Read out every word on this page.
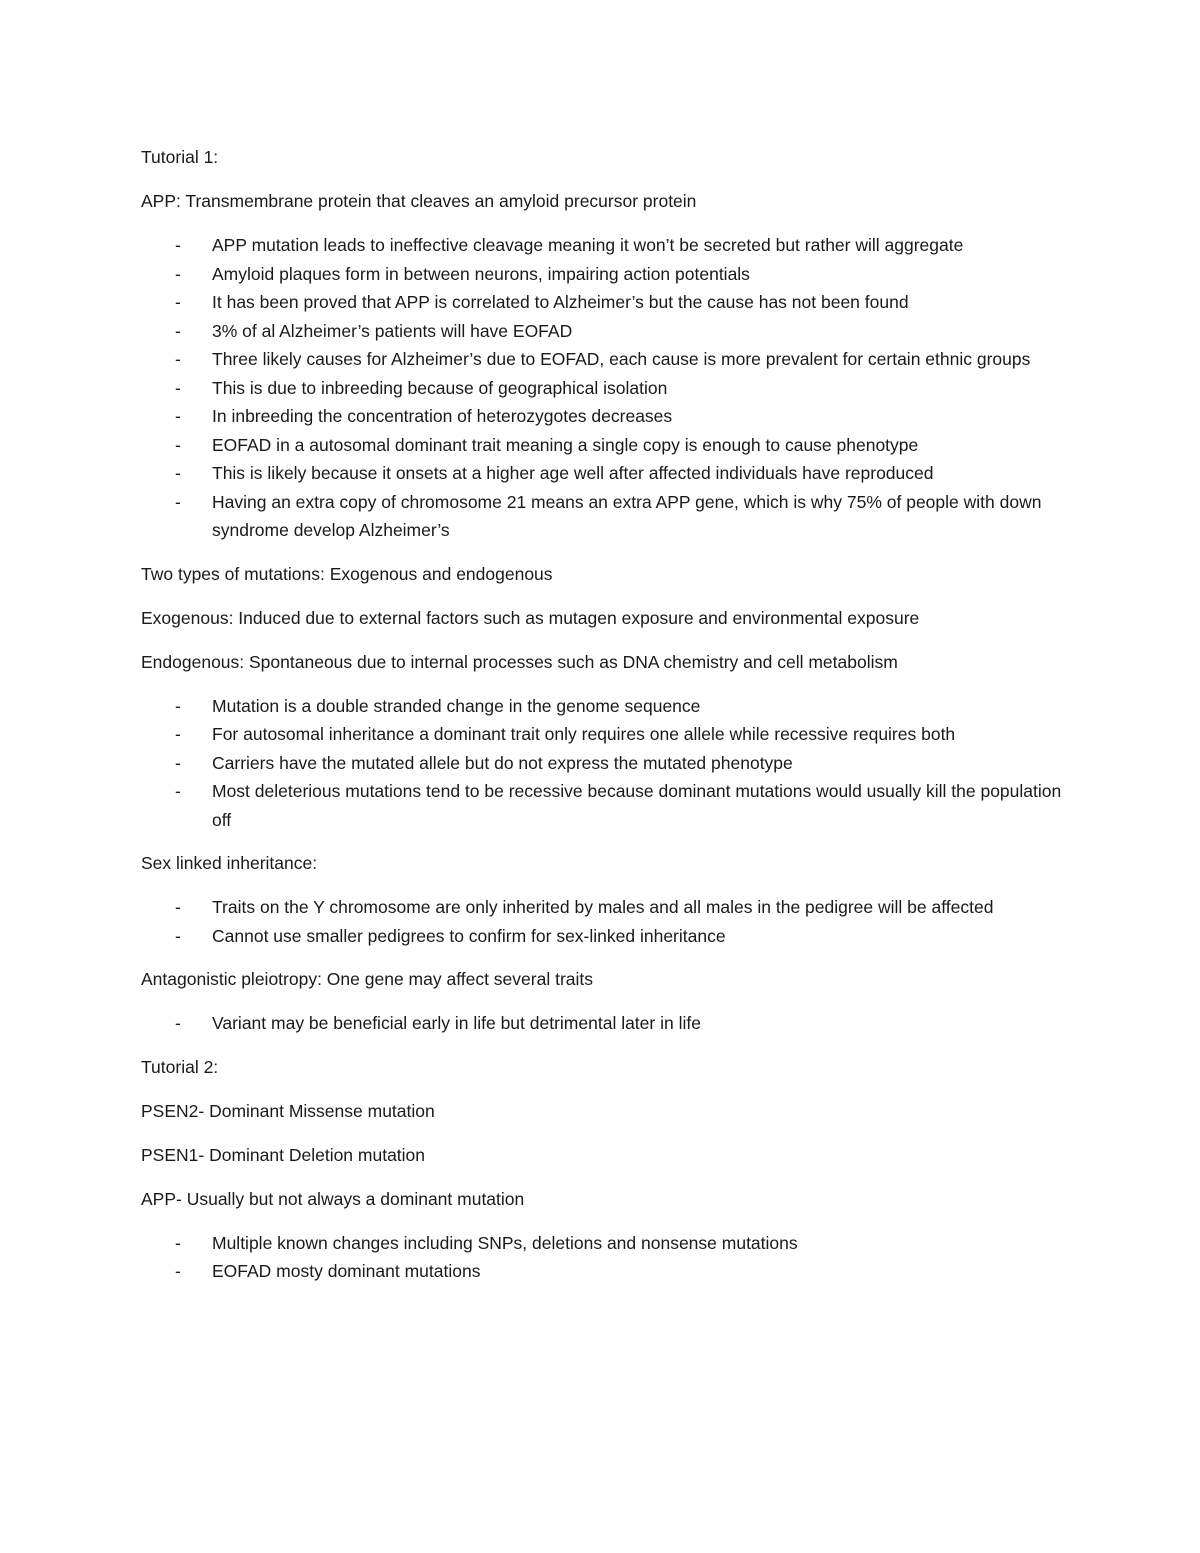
Tutorial 1:

APP: Transmembrane protein that cleaves an amyloid precursor protein

- APP mutation leads to ineffective cleavage meaning it won’t be secreted but rather will aggregate
- Amyloid plaques form in between neurons, impairing action potentials
- It has been proved that APP is correlated to Alzheimer’s but the cause has not been found
- 3% of al Alzheimer’s patients will have EOFAD
- Three likely causes for Alzheimer’s due to EOFAD, each cause is more prevalent for certain ethnic groups
- This is due to inbreeding because of geographical isolation
- In inbreeding the concentration of heterozygotes decreases
- EOFAD in a autosomal dominant trait meaning a single copy is enough to cause phenotype
- This is likely because it onsets at a higher age well after affected individuals have reproduced
- Having an extra copy of chromosome 21 means an extra APP gene, which is why 75% of people with down syndrome develop Alzheimer’s

Two types of mutations: Exogenous and endogenous

Exogenous: Induced due to external factors such as mutagen exposure and environmental exposure

Endogenous: Spontaneous due to internal processes such as DNA chemistry and cell metabolism

- Mutation is a double stranded change in the genome sequence
- For autosomal inheritance a dominant trait only requires one allele while recessive requires both
- Carriers have the mutated allele but do not express the mutated phenotype
- Most deleterious mutations tend to be recessive because dominant mutations would usually kill the population off

Sex linked inheritance:

- Traits on the Y chromosome are only inherited by males and all males in the pedigree will be affected
- Cannot use smaller pedigrees to confirm for sex-linked inheritance

Antagonistic pleiotropy: One gene may affect several traits

- Variant may be beneficial early in life but detrimental later in life

Tutorial 2:

PSEN2- Dominant Missense mutation

PSEN1- Dominant Deletion mutation

APP- Usually but not always a dominant mutation

- Multiple known changes including SNPs, deletions and nonsense mutations
- EOFAD mosty dominant mutations
